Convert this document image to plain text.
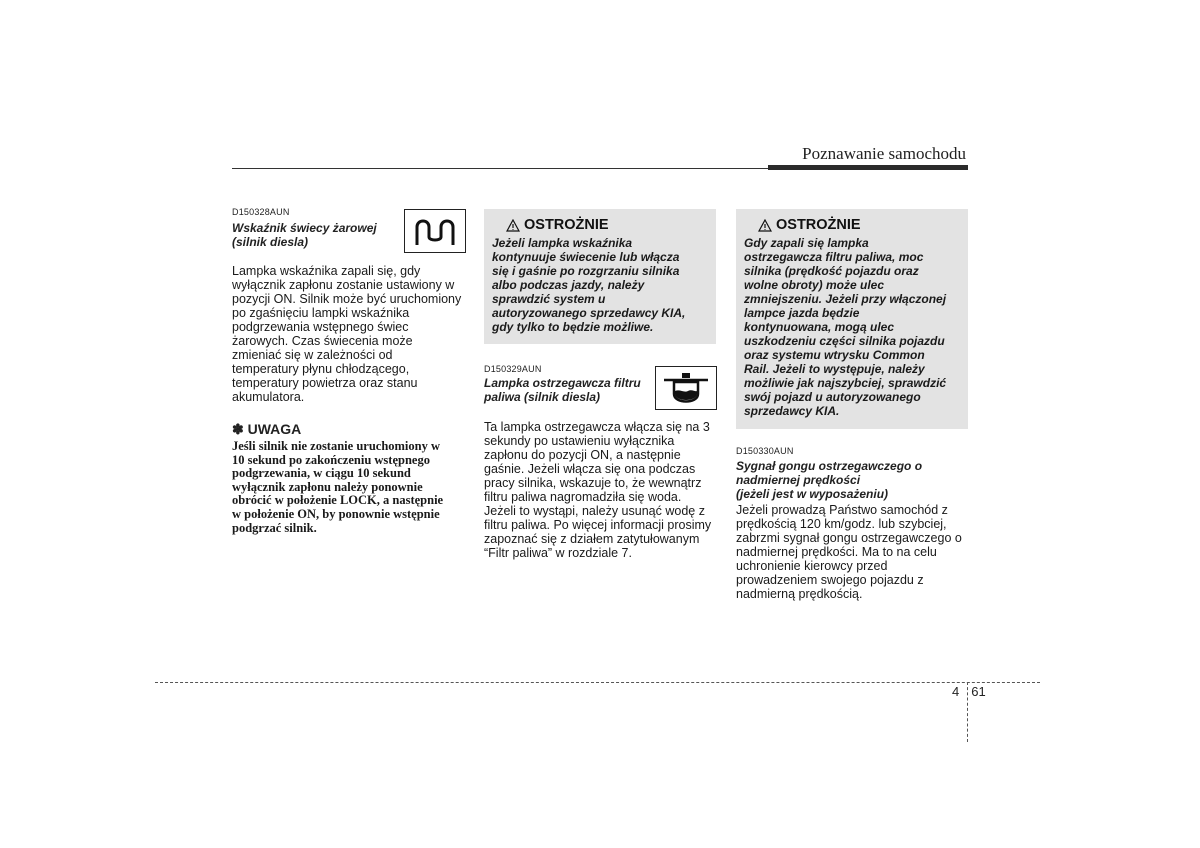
Poznawanie samochodu
D150328AUN
Wskaźnik świecy żarowej
(silnik diesla)
Lampka wskaźnika zapali się, gdy
wyłącznik zapłonu zostanie ustawiony w
pozycji ON. Silnik może być uruchomiony
po zgaśnięciu lampki wskaźnika
podgrzewania wstępnego świec
żarowych. Czas świecenia może
zmieniać się w zależności od
temperatury płynu chłodzącego,
temperatury powietrza oraz stanu
akumulatora.
✽ UWAGA
Jeśli silnik nie zostanie uruchomiony w
10 sekund po zakończeniu wstępnego
podgrzewania, w ciągu 10 sekund
wyłącznik zapłonu należy ponownie
obrócić w położenie LOCK, a następnie
w położenie ON, by ponownie wstępnie
podgrzać silnik.
OSTROŻNIE
Jeżeli lampka wskaźnika
kontynuuje świecenie lub włącza
się i gaśnie po rozgrzaniu silnika
albo podczas jazdy, należy
sprawdzić system u
autoryzowanego sprzedawcy KIA,
gdy tylko to będzie możliwe.
D150329AUN
Lampka ostrzegawcza filtru
paliwa (silnik diesla)
Ta lampka ostrzegawcza włącza się na 3
sekundy po ustawieniu wyłącznika
zapłonu do pozycji ON, a następnie
gaśnie. Jeżeli włącza się ona podczas
pracy silnika, wskazuje to, że wewnątrz
filtru paliwa nagromadziła się woda.
Jeżeli to wystąpi, należy usunąć wodę z
filtru paliwa. Po więcej informacji prosimy
zapoznać się z działem zatytułowanym
“Filtr paliwa” w rozdziale 7.
OSTROŻNIE
Gdy zapali się lampka
ostrzegawcza filtru paliwa, moc
silnika (prędkość pojazdu oraz
wolne obroty) może ulec
zmniejszeniu. Jeżeli przy włączonej
lampce jazda będzie
kontynuowana, mogą ulec
uszkodzeniu części silnika pojazdu
oraz systemu wtrysku Common
Rail. Jeżeli to występuje, należy
możliwie jak najszybciej, sprawdzić
swój pojazd u autoryzowanego
sprzedawcy KIA.
D150330AUN
Sygnał gongu ostrzegawczego o
nadmiernej prędkości
(jeżeli jest w wyposażeniu)
Jeżeli prowadzą Państwo samochód z
prędkością 120 km/godz. lub szybciej,
zabrzmi sygnał gongu ostrzegawczego o
nadmiernej prędkości. Ma to na celu
uchronienie kierowcy przed
prowadzeniem swojego pojazdu z
nadmierną prędkością.
4 61
